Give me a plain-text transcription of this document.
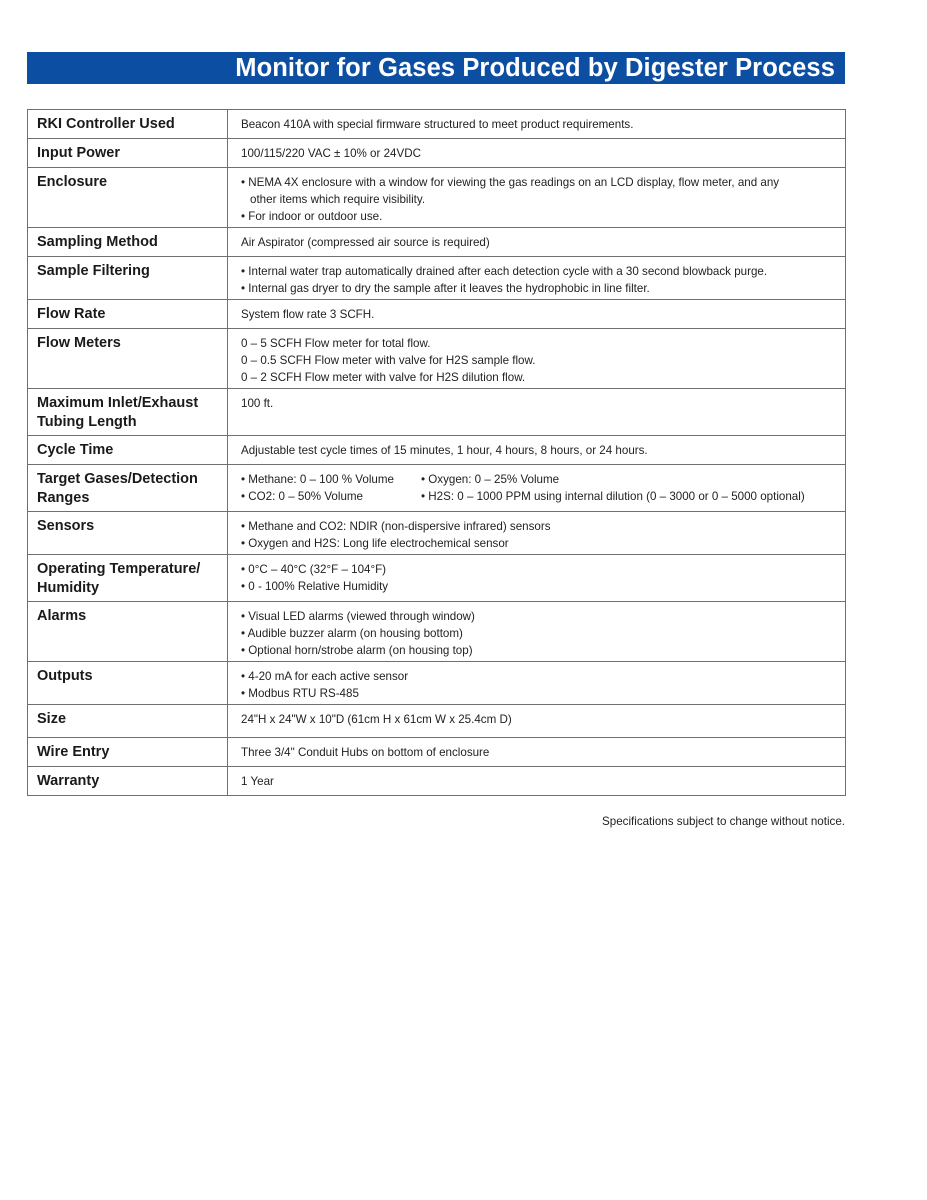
Monitor for Gases Produced by Digester Process
RKI Controller Used	Beacon 410A with special firmware structured to meet product requirements.

Input Power	100/115/220 VAC ± 10% or 24VDC

Enclosure	• NEMA 4X enclosure with a window for viewing the gas readings on an LCD display, flow meter, and any
other items which require visibility.
• For indoor or outdoor use.

Sampling Method	Air Aspirator (compressed air source is required)

Sample Filtering	• Internal water trap automatically drained after each detection cycle with a 30 second blowback purge.
• Internal gas dryer to dry the sample after it leaves the hydrophobic in line filter.

Flow Rate	System flow rate 3 SCFH.

Flow Meters	0 – 5 SCFH Flow meter for total flow.
0 – 0.5 SCFH Flow meter with valve for H2S sample flow.
0 – 2 SCFH Flow meter with valve for H2S dilution flow.

Maximum Inlet/Exhaust Tubing Length	100 ft.

Cycle Time	Adjustable test cycle times of 15 minutes, 1 hour, 4 hours, 8 hours, or 24 hours.

Target Gases/Detection Ranges	• Methane: 0 – 100 % Volume • Oxygen: 0 – 25% Volume
• CO2: 0 – 50% Volume • H2S: 0 – 1000 PPM using internal dilution (0 – 3000 or 0 – 5000 optional)

Sensors	• Methane and CO2: NDIR (non-dispersive infrared) sensors
• Oxygen and H2S: Long life electrochemical sensor

Operating Temperature/ Humidity	• 0°C – 40°C (32°F – 104°F)
• 0 - 100% Relative Humidity

Alarms	• Visual LED alarms (viewed through window)
• Audible buzzer alarm (on housing bottom)
• Optional horn/strobe alarm (on housing top)

Outputs	• 4-20 mA for each active sensor
• Modbus RTU RS-485

Size	24"H x 24"W x 10"D (61cm H x 61cm W x 25.4cm D)

Wire Entry	Three 3/4" Conduit Hubs on bottom of enclosure

Warranty	1 Year
Specifications subject to change without notice.
